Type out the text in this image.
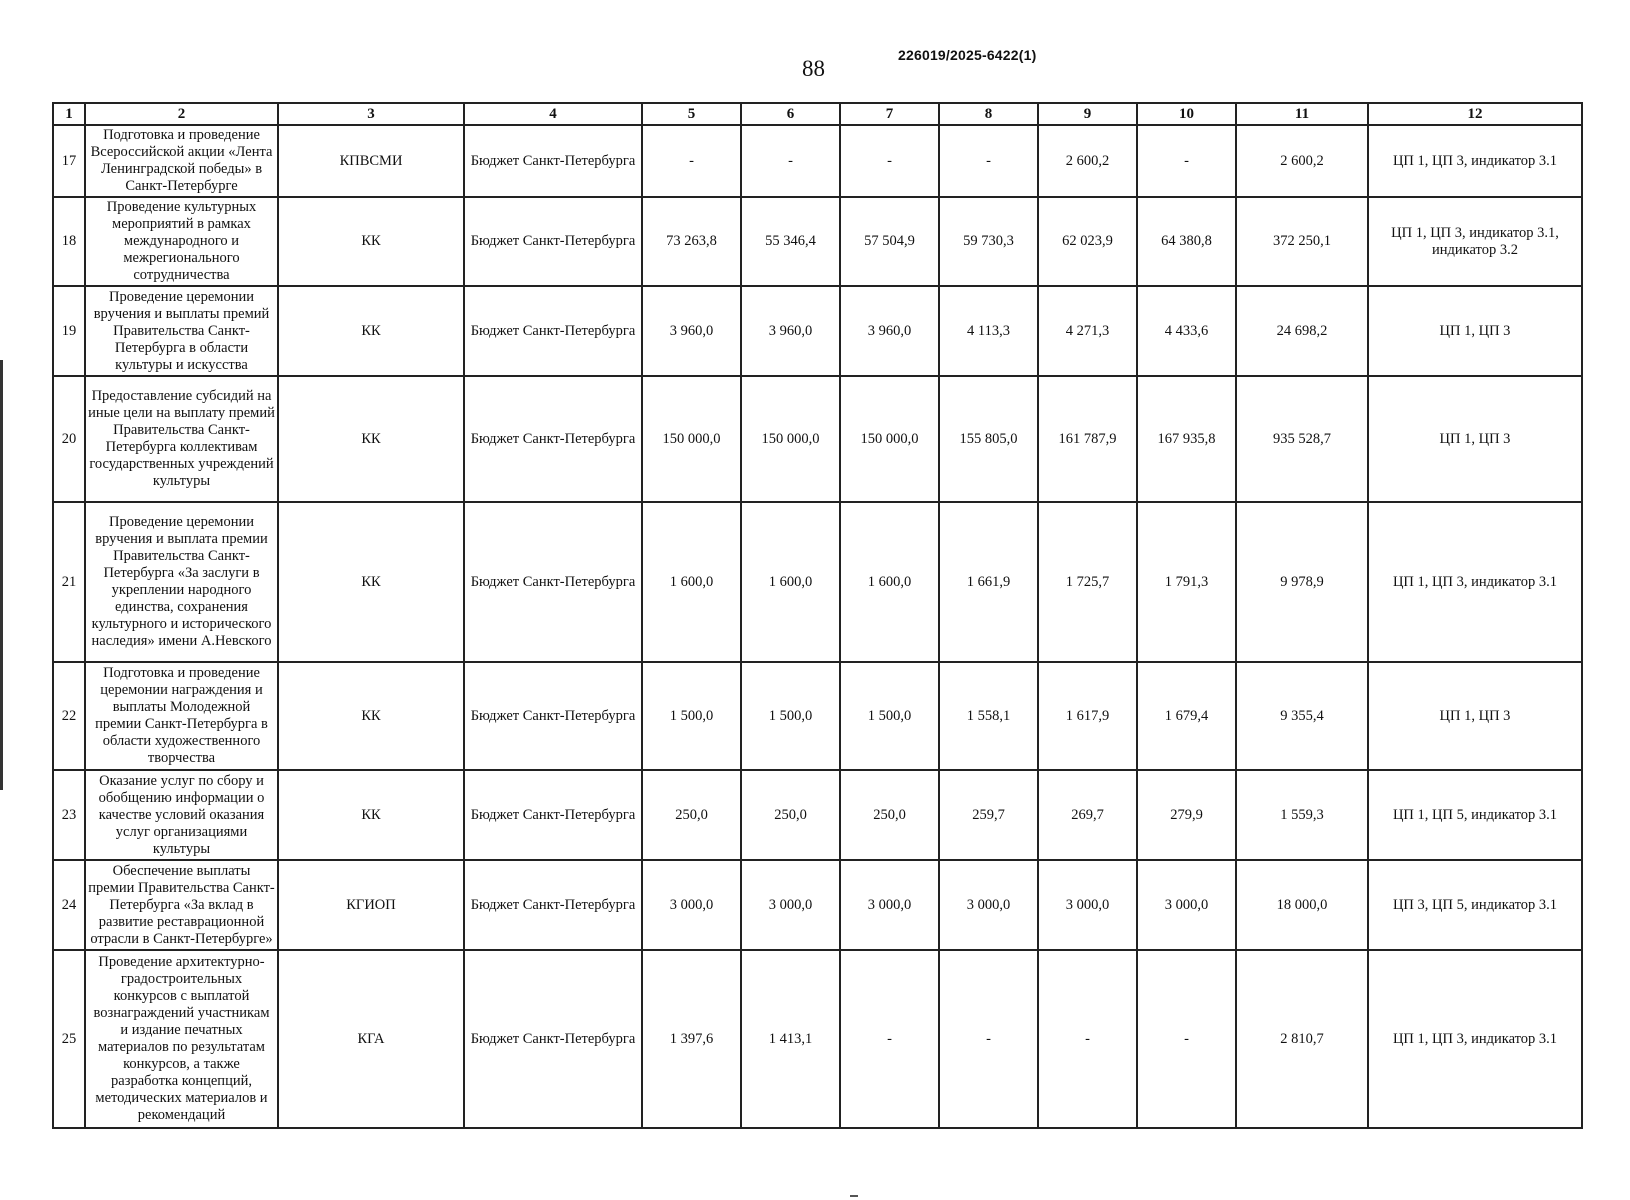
88
226019/2025-6422(1)
1	2	3	4	5	6	7	8	9	10	11	12
17	Подготовка и проведение Всероссийской акции «Лента Ленинградской победы» в Санкт-Петербурге	КПВСМИ	Бюджет Санкт-Петербурга	-	-	-	-	2 600,2	-	2 600,2	ЦП 1, ЦП 3, индикатор 3.1
18	Проведение культурных мероприятий в рамках международного и межрегионального сотрудничества	КК	Бюджет Санкт-Петербурга	73 263,8	55 346,4	57 504,9	59 730,3	62 023,9	64 380,8	372 250,1	ЦП 1, ЦП 3, индикатор 3.1, индикатор 3.2
19	Проведение церемонии вручения и выплаты премий Правительства Санкт-Петербурга в области культуры и искусства	КК	Бюджет Санкт-Петербурга	3 960,0	3 960,0	3 960,0	4 113,3	4 271,3	4 433,6	24 698,2	ЦП 1, ЦП 3
20	Предоставление субсидий на иные цели на выплату премий Правительства Санкт-Петербурга коллективам государственных учреждений культуры	КК	Бюджет Санкт-Петербурга	150 000,0	150 000,0	150 000,0	155 805,0	161 787,9	167 935,8	935 528,7	ЦП 1, ЦП 3
21	Проведение церемонии вручения и выплата премии Правительства Санкт-Петербурга «За заслуги в укреплении народного единства, сохранения культурного и исторического наследия» имени А.Невского	КК	Бюджет Санкт-Петербурга	1 600,0	1 600,0	1 600,0	1 661,9	1 725,7	1 791,3	9 978,9	ЦП 1, ЦП 3, индикатор 3.1
22	Подготовка и проведение церемонии награждения и выплаты Молодежной премии Санкт-Петербурга в области художественного творчества	КК	Бюджет Санкт-Петербурга	1 500,0	1 500,0	1 500,0	1 558,1	1 617,9	1 679,4	9 355,4	ЦП 1, ЦП 3
23	Оказание услуг по сбору и обобщению информации о качестве условий оказания услуг организациями культуры	КК	Бюджет Санкт-Петербурга	250,0	250,0	250,0	259,7	269,7	279,9	1 559,3	ЦП 1, ЦП 5, индикатор 3.1
24	Обеспечение выплаты премии Правительства Санкт-Петербурга «За вклад в развитие реставрационной отрасли в Санкт-Петербурге»	КГИОП	Бюджет Санкт-Петербурга	3 000,0	3 000,0	3 000,0	3 000,0	3 000,0	3 000,0	18 000,0	ЦП 3, ЦП 5, индикатор 3.1
25	Проведение архитектурно-градостроительных конкурсов с выплатой вознаграждений участникам и издание печатных материалов по результатам конкурсов, а также разработка концепций, методических материалов и рекомендаций	КГА	Бюджет Санкт-Петербурга	1 397,6	1 413,1	-	-	-	-	2 810,7	ЦП 1, ЦП 3, индикатор 3.1
